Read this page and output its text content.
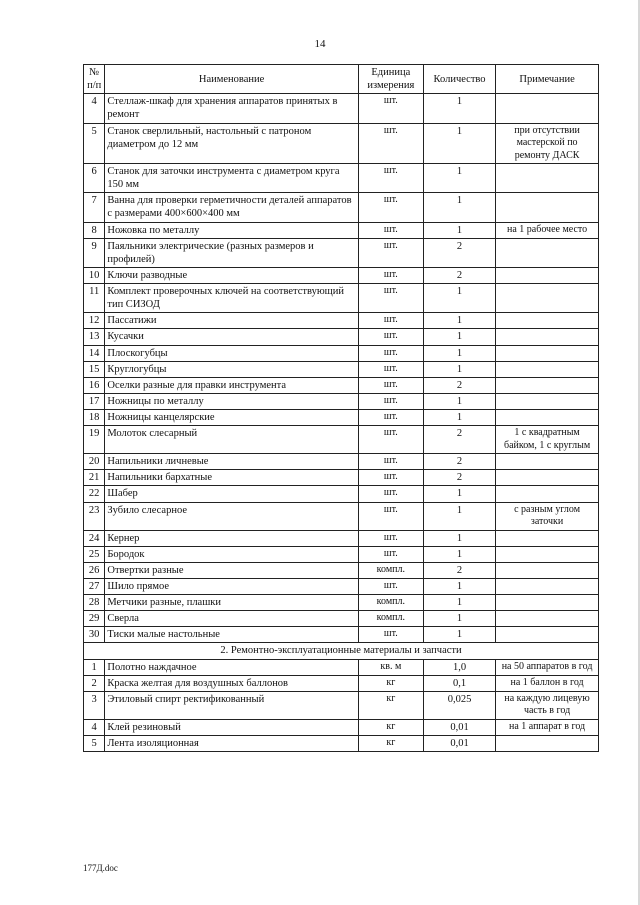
14
№ п/п	Наименование	Единица измерения	Количество	Примечание
4	Стеллаж-шкаф для хранения аппаратов принятых в ремонт	шт.	1	
5	Станок сверлильный, настольный с патроном диаметром до 12 мм	шт.	1	при отсутствии мастерской по ремонту ДАСК
6	Станок для заточки инструмента с диаметром круга 150 мм	шт.	1	
7	Ванна для проверки герметичности деталей аппаратов с размерами 400×600×400 мм	шт.	1	
8	Ножовка по металлу	шт.	1	на 1 рабочее место
9	Паяльники электрические (разных размеров и профилей)	шт.	2	
10	Ключи разводные	шт.	2	
11	Комплект проверочных ключей на соответствующий тип СИЗОД	шт.	1	
12	Пассатижи	шт.	1	
13	Кусачки	шт.	1	
14	Плоскогубцы	шт.	1	
15	Круглогубцы	шт.	1	
16	Оселки разные для правки инструмента	шт.	2	
17	Ножницы по металлу	шт.	1	
18	Ножницы канцелярские	шт.	1	
19	Молоток слесарный	шт.	2	1 с квадратным байком, 1 с круглым
20	Напильники личневые	шт.	2	
21	Напильники бархатные	шт.	2	
22	Шабер	шт.	1	
23	Зубило слесарное	шт.	1	с разным углом заточки
24	Кернер	шт.	1	
25	Бородок	шт.	1	
26	Отвертки разные	компл.	2	
27	Шило прямое	шт.	1	
28	Метчики разные, плашки	компл.	1	
29	Сверла	компл.	1	
30	Тиски малые настольные	шт.	1	
2. Ремонтно-эксплуатационные материалы и запчасти				
1	Полотно наждачное	кв. м	1,0	на 50 аппаратов в год
2	Краска желтая для воздушных баллонов	кг	0,1	на 1 баллон в год
3	Этиловый спирт ректификованный	кг	0,025	на каждую лицевую часть в год
4	Клей резиновый	кг	0,01	на 1 аппарат в год
5	Лента изоляционная	кг	0,01	
177Д.doc
